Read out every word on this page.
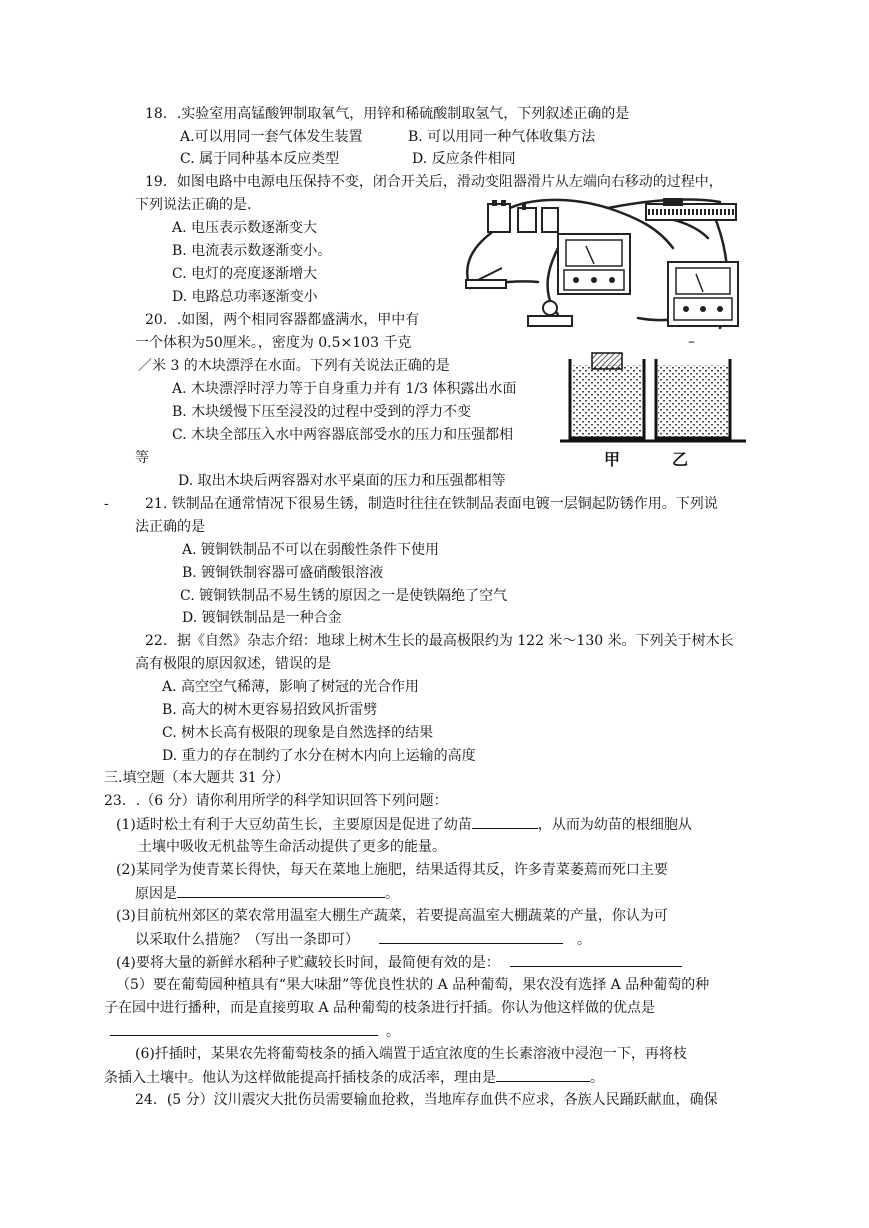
18．.实验室用高锰酸钾制取氧气，用锌和稀硫酸制取氢气，下列叙述正确的是
A.可以用同一套气体发生装置	B. 可以用同一种气体收集方法
C. 属于同种基本反应类型	D. 反应条件相同
19．如图电路中电源电压保持不变，闭合开关后，滑动变阻器滑片从左端向右移动的过程中，
下列说法正确的是.
A. 电压表示数逐渐变大
B. 电流表示数逐渐变小。
C. 电灯的亮度逐渐增大
D. 电路总功率逐渐变小
–
20．.如图，两个相同容器都盛满水，甲中有
一个体积为50厘米。，密度为 0.5×103 千克
／米 3 的木块漂浮在水面。下列有关说法正确的是
A. 木块漂浮时浮力等于自身重力并有 1/3 体积露出水面
B. 木块缓慢下压至浸没的过程中受到的浮力不变
C. 木块全部压入水中两容器底部受水的压力和压强都相
等
D. 取出木块后两容器对水平桌面的压力和压强都相等
甲	乙
-	21. 铁制品在通常情况下很易生锈，制造时往往在铁制品表面电镀一层铜起防锈作用。下列说
法正确的是
A. 镀铜铁制品不可以在弱酸性条件下使用
B. 镀铜铁制容器可盛硝酸银溶液
C. 镀铜铁制品不易生锈的原因之一是使铁隔绝了空气
D. 镀铜铁制品是一种合金
22．据《自然》杂志介绍：地球上树木生长的最高极限约为 122 米～130 米。下列关于树木长
高有极限的原因叙述，错误的是
A. 高空空气稀薄，影响了树冠的光合作用
B. 高大的树木更容易招致风折雷劈
C. 树木长高有极限的现象是自然选择的结果
D. 重力的存在制约了水分在树木内向上运输的高度
三.填空题（本大题共 31 分）
23．.（6 分）请你利用所学的科学知识回答下列问题：
(1)适时松土有利于大豆幼苗生长，主要原因是促进了幼苗	，从而为幼苗的根细胞从
土壤中吸收无机盐等生命活动提供了更多的能量。
(2)某同学为使青菜长得快，每天在菜地上施肥，结果适得其反，许多青菜萎蔫而死口主要
原因是	。
(3)目前杭州郊区的菜农常用温室大棚生产蔬菜，若要提高温室大棚蔬菜的产量，你认为可
以采取什么措施？（写出一条即可）	。
(4)要将大量的新鲜水稻种子贮藏较长时间，最简便有效的是：
（5）要在葡萄园种植具有“果大味甜”等优良性状的 A 品种葡萄，果农没有选择 A 品种葡萄的种
子在园中进行播种，而是直接剪取 A 品种葡萄的枝条进行扦插。你认为他这样做的优点是
。
(6)扦插时，某果农先将葡萄枝条的插入端置于适宜浓度的生长素溶液中浸泡一下，再将枝
条插入土壤中。他认为这样做能提高扦插枝条的成活率，理由是	。
24．(5 分）汶川震灾大批伤员需要输血抢救，当地库存血供不应求，各族人民踊跃献血，确保
